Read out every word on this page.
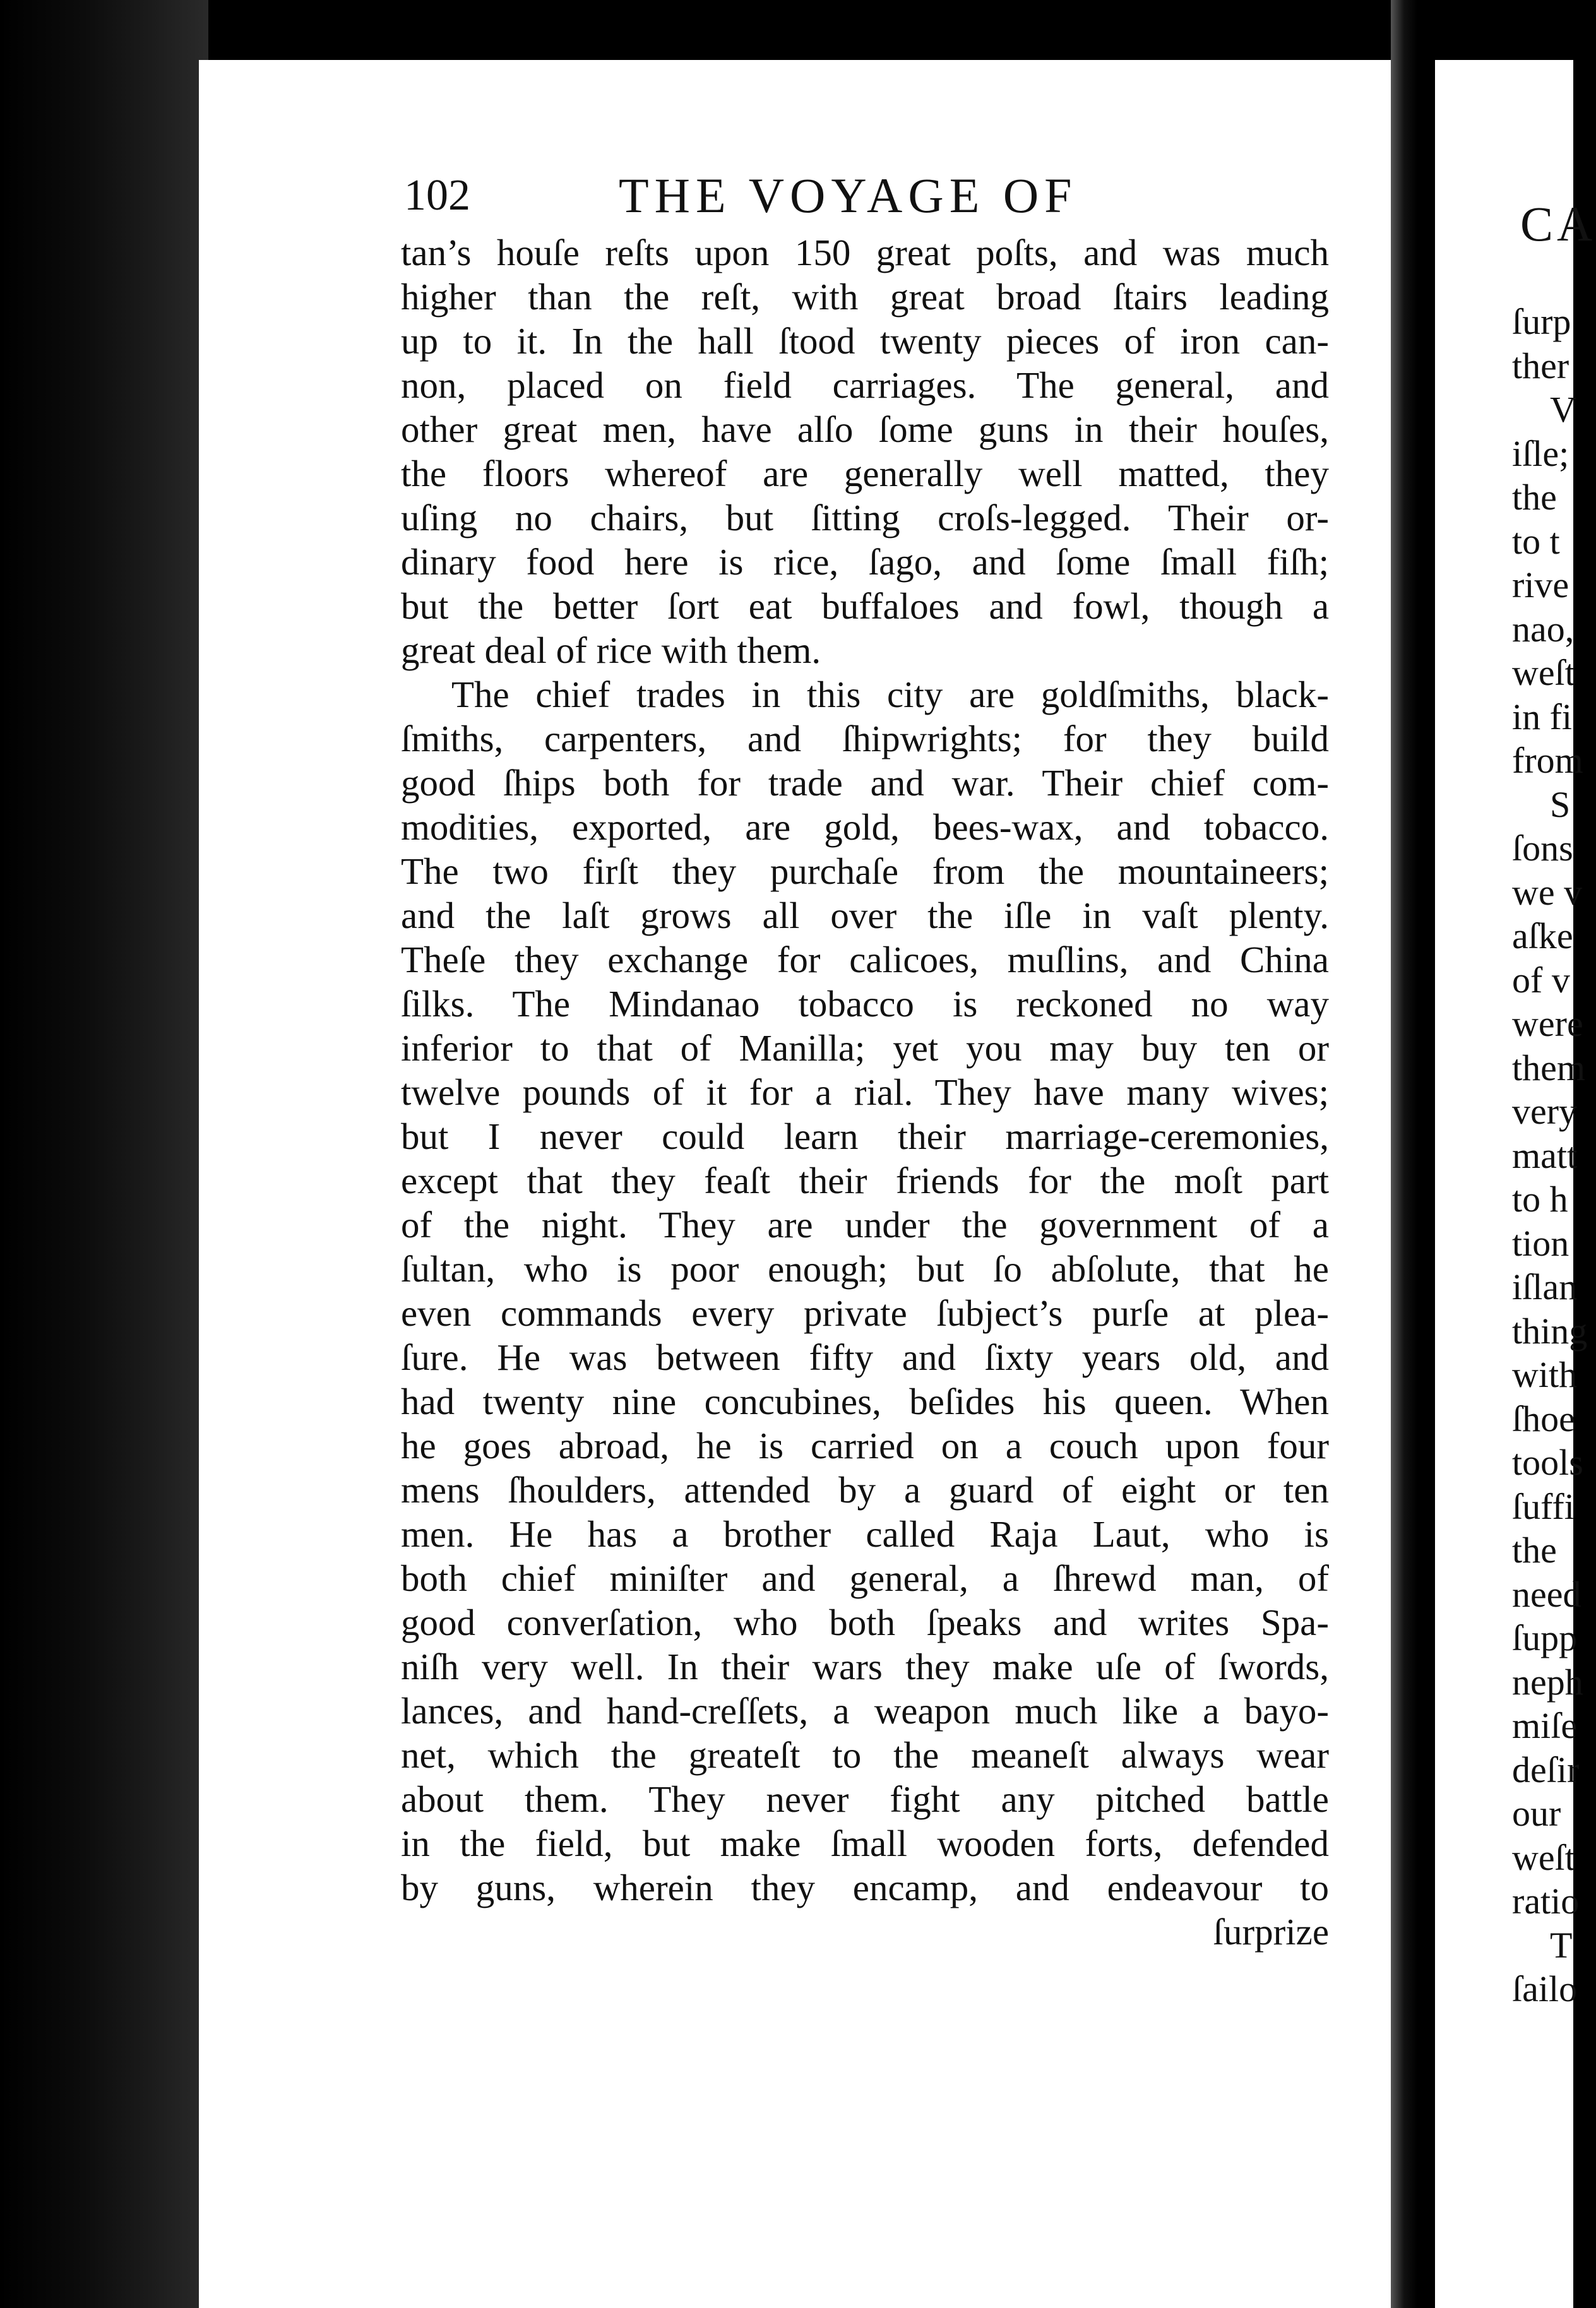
102	THE VOYAGE OF
tan’s houſe reſts upon 150 great poſts, and was much
higher than the reſt, with great broad ſtairs leading
up to it. In the hall ſtood twenty pieces of iron can-
non, placed on field carriages. The general, and
other great men, have alſo ſome guns in their houſes,
the floors whereof are generally well matted, they
uſing no chairs, but ſitting croſs-legged. Their or-
dinary food here is rice, ſago, and ſome ſmall fiſh;
but the better ſort eat buffaloes and fowl, though a
great deal of rice with them.
The chief trades in this city are goldſmiths, black-
ſmiths, carpenters, and ſhipwrights; for they build
good ſhips both for trade and war. Their chief com-
modities, exported, are gold, bees-wax, and tobacco.
The two firſt they purchaſe from the mountaineers;
and the laſt grows all over the iſle in vaſt plenty.
Theſe they exchange for calicoes, muſlins, and China
ſilks. The Mindanao tobacco is reckoned no way
inferior to that of Manilla; yet you may buy ten or
twelve pounds of it for a rial. They have many wives;
but I never could learn their marriage-ceremonies,
except that they feaſt their friends for the moſt part
of the night. They are under the government of a
ſultan, who is poor enough; but ſo abſolute, that he
even commands every private ſubject’s purſe at plea-
ſure. He was between fifty and ſixty years old, and
had twenty nine concubines, beſides his queen. When
he goes abroad, he is carried on a couch upon four
mens ſhoulders, attended by a guard of eight or ten
men. He has a brother called Raja Laut, who is
both chief miniſter and general, a ſhrewd man, of
good converſation, who both ſpeaks and writes Spa-
niſh very well. In their wars they make uſe of ſwords,
lances, and hand-creſſets, a weapon much like a bayo-
net, which the greateſt to the meaneſt always wear
about them. They never fight any pitched battle
in the field, but make ſmall wooden forts, defended
by guns, wherein they encamp, and endeavour to
ſurprize
CA
ſurp
ther
V
iſle;
the
to t
rive
nao,
weſt
in fi
from
S
ſons
we v
aſke
of v
were
them
very
matt
to h
tion
iſlan
thing
with
ſhoe
tools
ſuffi
the
need
ſupp
neph
miſe
deſir
our
weſt
ratio
T
ſailo
